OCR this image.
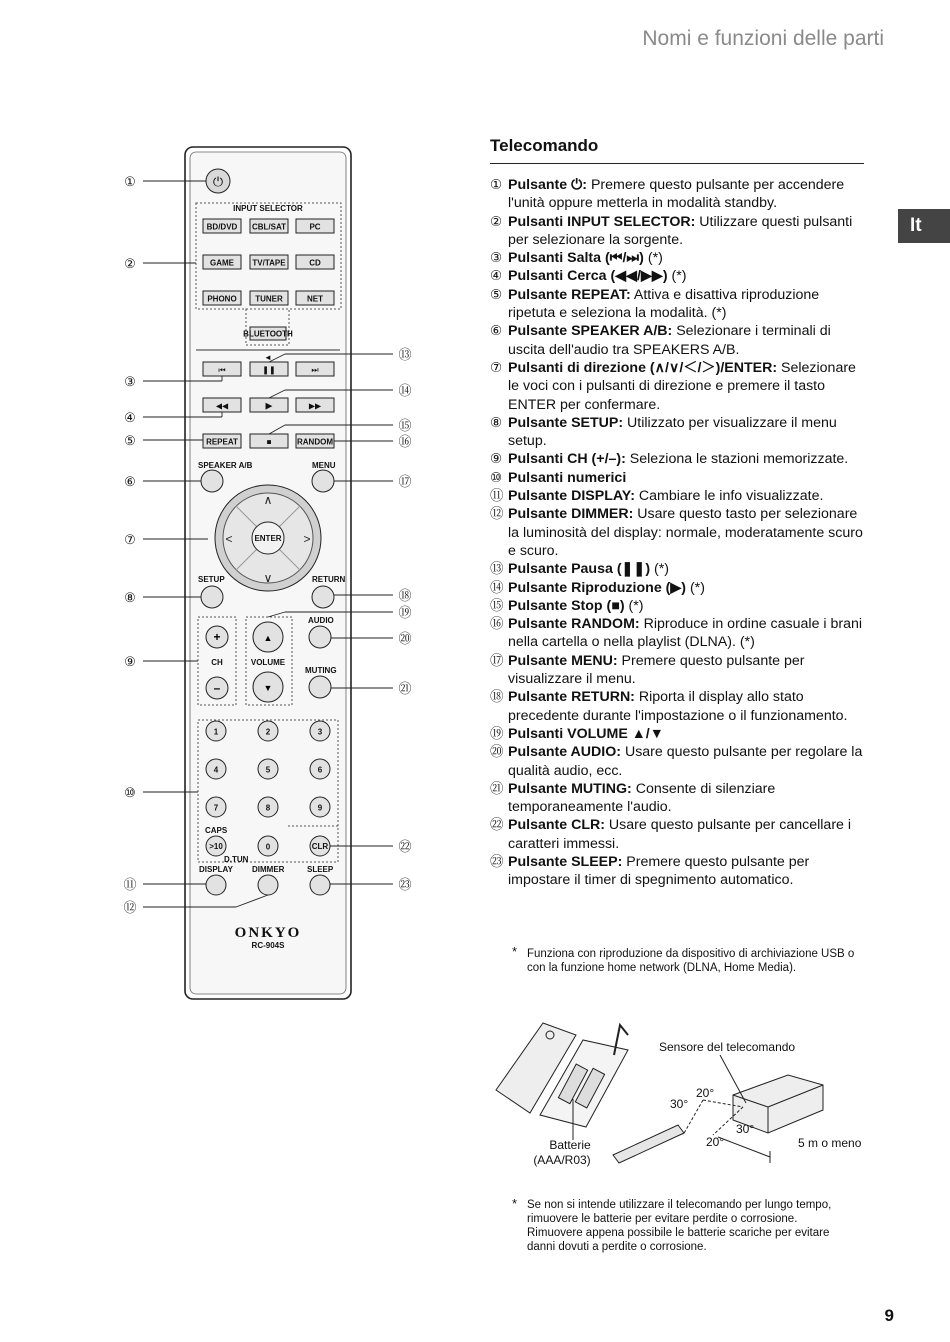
Nomi e funzioni delle parti
It
⏻
INPUT SELECTOR
BD/DVD CBL/SAT	PC
GAME TV/TAPE	CD
PHONO TUNER	NET
BLUETOOTH
◄
⏮	❚❚	⏭
◀◀	▶	▶▶
REPEAT	■	RANDOM
SPEAKER A/B	MENU
ENTER
∧
∨
<	>
SETUP	RETURN
+
CH
–
▲
VOLUME
▼
AUDIO
MUTING
1	2	3
4	5	6
7	8	9
CAPS
>10	0
D.TUN
CLR
DISPLAY DIMMER	SLEEP
ONKYO
RC-904S
①
②
③
④
⑤
⑥
⑦
⑧
⑨
⑩
⑪
⑫
⑬
⑭
⑮
⑯
⑰
⑱
⑲
⑳
㉑
㉒
㉓
Telecomando
① Pulsante ⏻: Premere questo pulsante per accendere l'unità oppure metterla in modalità standby.
② Pulsanti INPUT SELECTOR: Utilizzare questi pulsanti per selezionare la sorgente.
③ Pulsanti Salta (⏮/⏭) (*)
④ Pulsanti Cerca (◀◀/▶▶) (*)
⑤ Pulsante REPEAT: Attiva e disattiva riproduzione ripetuta e seleziona la modalità. (*)
⑥ Pulsante SPEAKER A/B: Selezionare i terminali di uscita dell'audio tra SPEAKERS A/B.
⑦ Pulsanti di direzione (∧/∨/＜/＞)/ENTER: Selezionare le voci con i pulsanti di direzione e premere il tasto ENTER per confermare.
⑧ Pulsante SETUP: Utilizzato per visualizzare il menu setup.
⑨ Pulsanti CH (+/–): Seleziona le stazioni memorizzate.
⑩ Pulsanti numerici
⑪ Pulsante DISPLAY: Cambiare le info visualizzate.
⑫ Pulsante DIMMER: Usare questo tasto per selezionare la luminosità del display: normale, moderatamente scuro e scuro.
⑬ Pulsante Pausa (❚❚) (*)
⑭ Pulsante Riproduzione (▶) (*)
⑮ Pulsante Stop (■) (*)
⑯ Pulsante RANDOM: Riproduce in ordine casuale i brani nella cartella o nella playlist (DLNA). (*)
⑰ Pulsante MENU: Premere questo pulsante per visualizzare il menu.
⑱ Pulsante RETURN: Riporta il display allo stato precedente durante l'impostazione o il funzionamento.
⑲ Pulsanti VOLUME ▲/▼
⑳ Pulsante AUDIO: Usare questo pulsante per regolare la qualità audio, ecc.
㉑ Pulsante MUTING: Consente di silenziare temporaneamente l'audio.
㉒ Pulsante CLR: Usare questo pulsante per cancellare i caratteri immessi.
㉓ Pulsante SLEEP: Premere questo pulsante per impostare il timer di spegnimento automatico.
* Funziona con riproduzione da dispositivo di archiviazione USB o con la funzione home network (DLNA, Home Media).
Batterie
(AAA/R03)
Sensore del telecomando
20°
30°
30°
20°	5 m o meno
* Se non si intende utilizzare il telecomando per lungo tempo, rimuovere le batterie per evitare perdite o corrosione. Rimuovere appena possibile le batterie scariche per evitare danni dovuti a perdite o corrosione.
9
